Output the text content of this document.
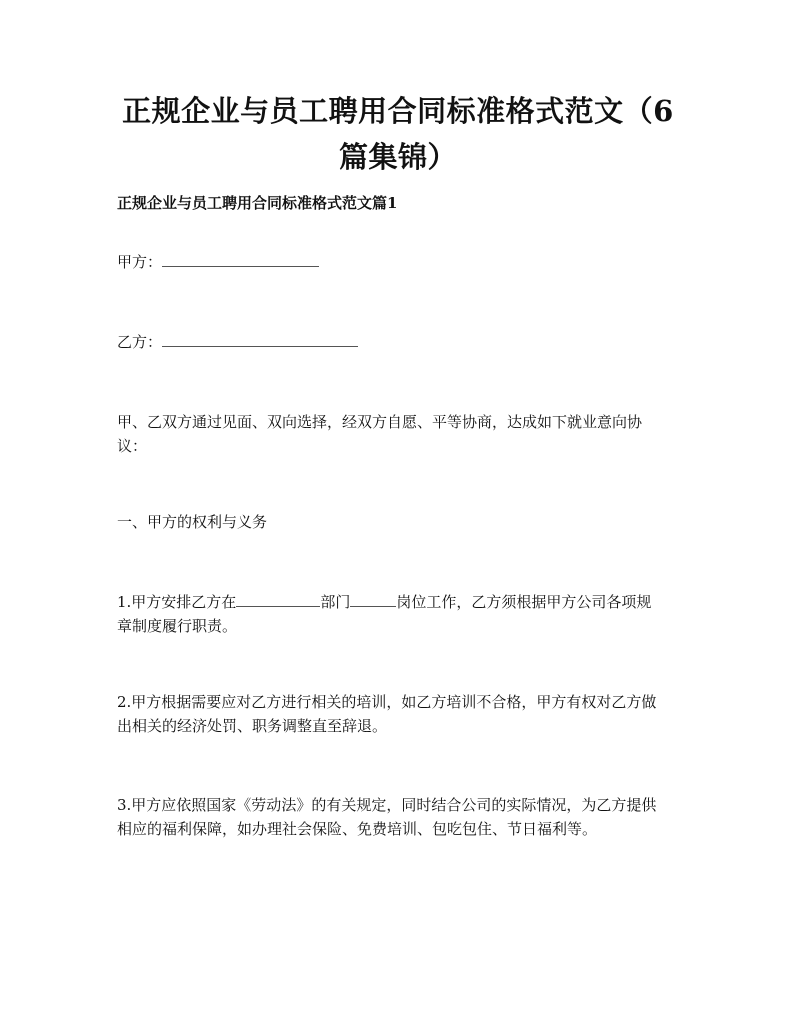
正规企业与员工聘用合同标准格式范文（6
篇集锦）
正规企业与员工聘用合同标准格式范文篇1
甲方：
乙方：
甲、乙双方通过见面、双向选择，经双方自愿、平等协商，达成如下就业意向协
议：
一、甲方的权利与义务
1.甲方安排乙方在	部门	岗位工作，乙方须根据甲方公司各项规
章制度履行职责。
2.甲方根据需要应对乙方进行相关的培训，如乙方培训不合格，甲方有权对乙方做
出相关的经济处罚、职务调整直至辞退。
3.甲方应依照国家《劳动法》的有关规定，同时结合公司的实际情况，为乙方提供
相应的福利保障，如办理社会保险、免费培训、包吃包住、节日福利等。
